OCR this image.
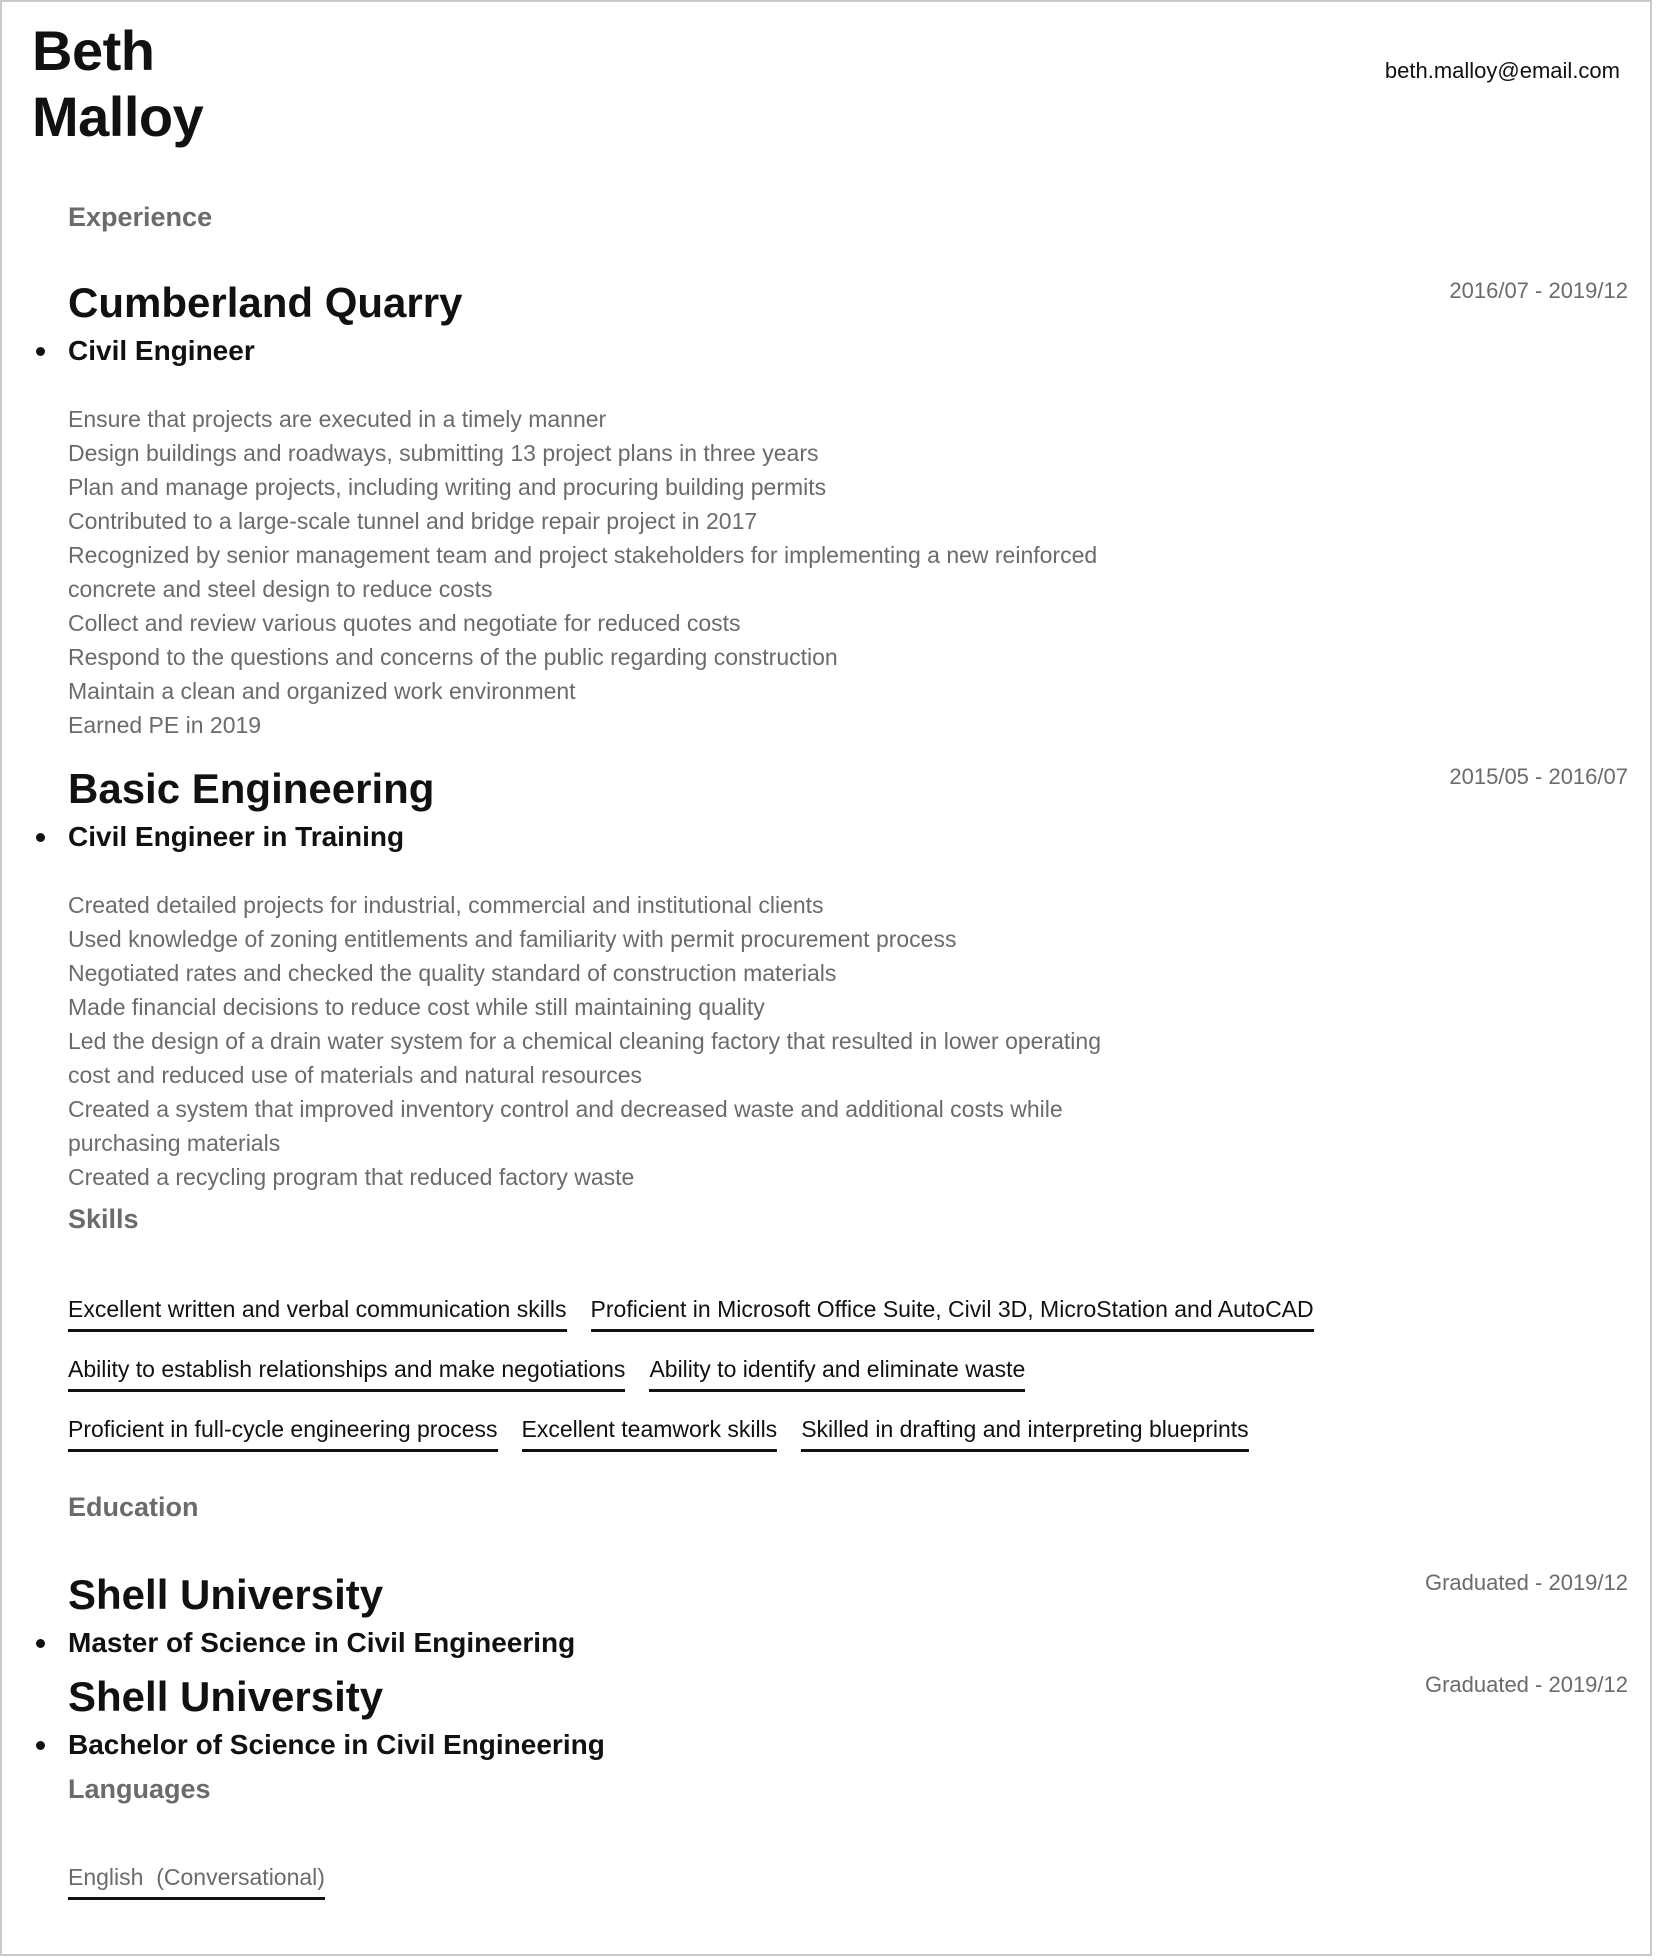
Beth
Malloy
beth.malloy@email.com
Experience
Cumberland Quarry	2016/07 - 2019/12
Civil Engineer
Ensure that projects are executed in a timely manner
Design buildings and roadways, submitting 13 project plans in three years
Plan and manage projects, including writing and procuring building permits
Contributed to a large-scale tunnel and bridge repair project in 2017
Recognized by senior management team and project stakeholders for implementing a new reinforced concrete and steel design to reduce costs
Collect and review various quotes and negotiate for reduced costs
Respond to the questions and concerns of the public regarding construction
Maintain a clean and organized work environment
Earned PE in 2019
Basic Engineering	2015/05 - 2016/07
Civil Engineer in Training
Created detailed projects for industrial, commercial and institutional clients
Used knowledge of zoning entitlements and familiarity with permit procurement process
Negotiated rates and checked the quality standard of construction materials
Made financial decisions to reduce cost while still maintaining quality
Led the design of a drain water system for a chemical cleaning factory that resulted in lower operating cost and reduced use of materials and natural resources
Created a system that improved inventory control and decreased waste and additional costs while purchasing materials
Created a recycling program that reduced factory waste
Skills
Excellent written and verbal communication skills Proficient in Microsoft Office Suite, Civil 3D, MicroStation and AutoCAD
Ability to establish relationships and make negotiations Ability to identify and eliminate waste
Proficient in full-cycle engineering process Excellent teamwork skills Skilled in drafting and interpreting blueprints
Education
Shell University	Graduated - 2019/12
Master of Science in Civil Engineering
Shell University	Graduated - 2019/12
Bachelor of Science in Civil Engineering
Languages
English  (Conversational)
